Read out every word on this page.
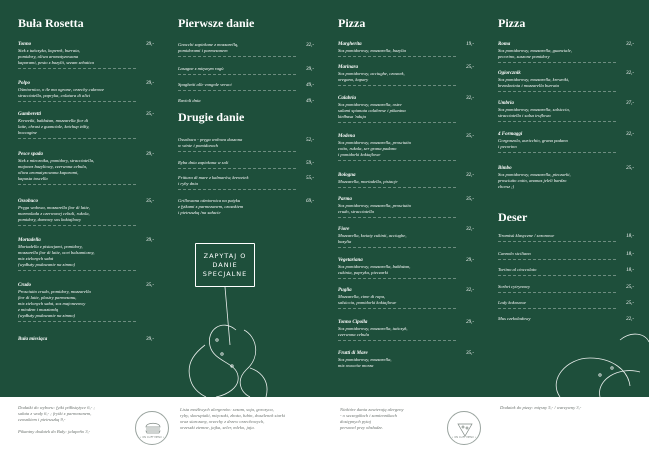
ZAPYTAJ O DANIE
SPECJALNE
Buła Rosetta
Tonno
Stek z tuńczyka, koperek, burrata,
pomidory, oliwa aromatyzowana
kaparami, pesto z bazylii, sezam sebatica
39,-
Polpo
Ośmiornica, o ile ma ograne, orzechy cukrowe
stracciatella, papryka, colatura di alici
39,-
Gamberetti
Krewetki, bakłażan, mozzarella fior di
latte, chrust z guanciale, ketchup żółty,
boccagine
35,-
Pesce spada
Stek z miecznika, pomidory, stracciatella,
majonez bazyliowy, czerwona cebula,
oliwa aromatyzowana kaparami,
kapusta toscella
39,-
Ossobuco
Pręga wołowa, mozzarella fior di latte,
marmolada z czerwonej cebuli, rukola,
pomidory, domowy sos koktajlowy
35,-
Mortadella
Mortadella z pistacjami, pomidory,
mozzarella fior di latte, ocet balsamiczny,
mix zielonych sałat
(wydłuży podawanie na zimno)
39,-
Crudo
Prosciutto crudo, pomidory, mozzarella
fior di latte, plastry parmezanu,
mix zielonych sałat, sos majonezowy
z miodem i musztardą
(wydłuży podawanie na zimno)
35,-
Buła miesiąca	39,-
Pierwsze danie
Gnocchi zapiekane z mozzarellą,
pomidorami i parmezanem
32,-
Lasagne z mięsnym ragù	39,-
Spaghetti alle vongole veraci	49,-
Ravioli dnia	49,-
Drugie danie
Ossobuco - pręga wołowa duszona
w winie i pomidorach
52,-
Ryba dnia zapiekana w soli	59,-
Frittura di mare z kalmarów, krewetek
i ryby dnia
55,-
Grillowana ośmiornica na patyku
z fytkami z parmezanem, czosnkiem
i pietruszką /na sałacie
69,-
Pizza
Margherita
Sos pomidorowy, mozzarella, bazylia
19,-
Marinara
Sos pomidorowy, acciughe, czosnek,
oregano, kapary
25,-
Calabria
Sos pomidorowy, mozzarella, ostre
salami spianata calabrese i pikantna
kiełbasa 'nduja
32,-
Modena
Sos pomidorowy, mozzarella, prosciutto
cotto, rukola, ser grana padano
i pomidorki koktajlowe
35,-
Bologna
Mozzarella, mortadella, pistacje
32,-
Parma
Sos pomidorowy, mozzarella, prosciutto
crudo, stracciatella
35,-
Fiore
Mozzarella, kwiaty cukinii, acciughe,
bazylia
32,-
Vegetariana
Sos pomidorowy, mozzarella, bakłażan,
cukinia, papryka, pieczarki
29,-
Puglia
Mozzarella, cime di rapa,
salsiccia, pomidorki koktajlowe
32,-
Tonno Cipolla
Sos pomidorowy, mozzarella, tuńczyk,
czerwona cebula
29,-
Frutti di Mare
Sos pomidorowy, mozzarella,
mix owoców morza
35,-
Pizza
Roma
Sos pomidorowy, mozzarella, guanciale,
pecorino, suszone pomidory
32,-
Ogiorcznik
Sos pomidorowy, mozzarella, krewetki,
brzoskwinia i mozzarella burrata
32,-
Umbria
Sos pomidorowy, mozzarella, salsiccia,
stracciatella i salsa truflowa
37,-
4 Formaggi
Gorgonzola, auricchio, grana padano
i pecorino
32,-
Bimbo
Sos pomidorowy, mozzarella, pieczarki,
prosciutto cotto, ananas jeleli bardzo
chcesz ;)
25,-
Deser
Tiramisù klasyczne / sezonowe	18,-
Cannolo siciliano	18,-
Tortino al cioccolato	18,-
Sorbet cytrynowy	25,-
Lody kokosowe	25,-
Mus czekoladowy	22,-
Dodatki do wyboru: fytki półksiężyce 6,- ;
sałata z wody 6,- ; frytki z parmezanem,
czosnkiem i pietruszką 9,-

Pikantny dodatek do Buły: jalapeño 3,-
• ON CLIFF MENU •
Lista możliwych alergenów: sezam, soja, gorczyca,
ryby, skorupiaki, mięczaki, zboża, łubin, dwutlenek siarki
oraz siarczany, orzechy z drzew orzechowych,
orzeszki ziemne, jajka, seler, mleko, jaja.
Niektóre dania zawierają alergeny
- o szczegółach i zamiennikach
dostępnych pytaj
personel przy obsłudze.
• ON CLIFF MENU •
Dodatek do pizzy: mięsny 5,- / warzywny 3,-
